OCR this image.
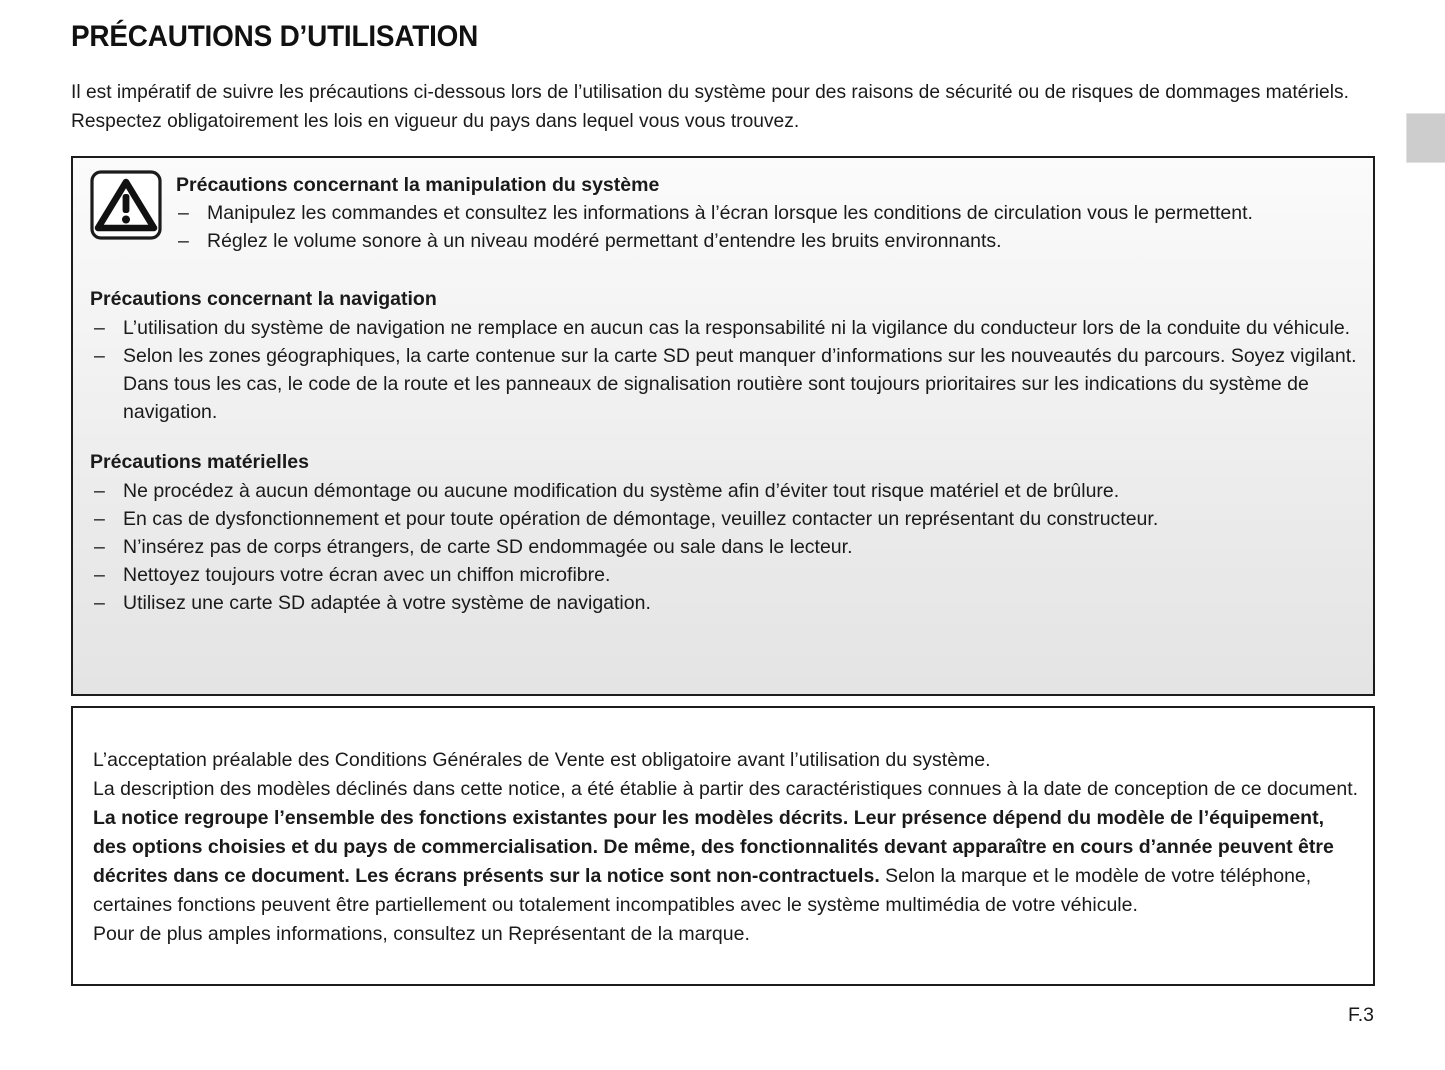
PRÉCAUTIONS D’UTILISATION
Il est impératif de suivre les précautions ci-dessous lors de l’utilisation du système pour des raisons de sécurité ou de risques de dommages matériels. Respectez obligatoirement les lois en vigueur du pays dans lequel vous vous trouvez.
Précautions concernant la manipulation du système
– Manipulez les commandes et consultez les informations à l’écran lorsque les conditions de circulation vous le permettent.
– Réglez le volume sonore à un niveau modéré permettant d’entendre les bruits environnants.
Précautions concernant la navigation
– L’utilisation du système de navigation ne remplace en aucun cas la responsabilité ni la vigilance du conducteur lors de la conduite du véhicule.
– Selon les zones géographiques, la carte contenue sur la carte SD peut manquer d’informations sur les nouveautés du parcours. Soyez vigilant. Dans tous les cas, le code de la route et les panneaux de signalisation routière sont toujours prioritaires sur les indications du système de navigation.
Précautions matérielles
– Ne procédez à aucun démontage ou aucune modification du système afin d’éviter tout risque matériel et de brûlure.
– En cas de dysfonctionnement et pour toute opération de démontage, veuillez contacter un représentant du constructeur.
– N’insérez pas de corps étrangers, de carte SD endommagée ou sale dans le lecteur.
– Nettoyez toujours votre écran avec un chiffon microfibre.
– Utilisez une carte SD adaptée à votre système de navigation.

L’acceptation préalable des Conditions Générales de Vente est obligatoire avant l’utilisation du système.

La description des modèles déclinés dans cette notice, a été établie à partir des caractéristiques connues à la date de conception de ce document. La notice regroupe l’ensemble des fonctions existantes pour les modèles décrits. Leur présence dépend du modèle de l’équipement, des options choisies et du pays de commercialisation. De même, des fonctionnalités devant apparaître en cours d’année peuvent être décrites dans ce document. Les écrans présents sur la notice sont non-contractuels. Selon la marque et le modèle de votre téléphone, certaines fonctions peuvent être partiellement ou totalement incompatibles avec le système multimédia de votre véhicule.

Pour de plus amples informations, consultez un Représentant de la marque.

F.3
